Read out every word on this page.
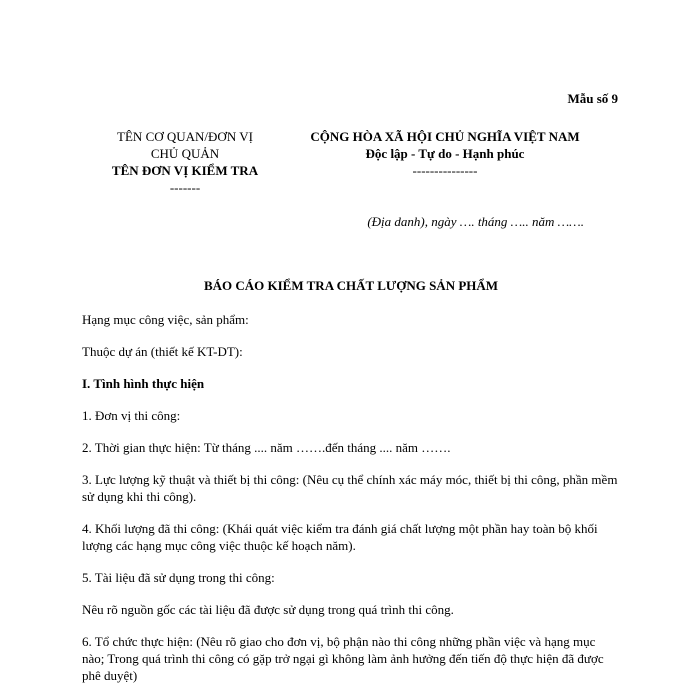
Mẫu số 9
TÊN CƠ QUAN/ĐƠN VỊ
CHỦ QUẢN
TÊN ĐƠN VỊ KIỂM TRA
-------
CỘNG HÒA XÃ HỘI CHỦ NGHĨA VIỆT NAM
Độc lập - Tự do - Hạnh phúc
---------------
(Địa danh), ngày …. tháng ….. năm …….
BÁO CÁO KIỂM TRA CHẤT LƯỢNG SẢN PHẨM

Hạng mục công việc, sản phẩm:

Thuộc dự án (thiết kế KT-DT):

I. Tình hình thực hiện

1. Đơn vị thi công:

2. Thời gian thực hiện: Từ tháng .... năm …….đến tháng .... năm …….

3. Lực lượng kỹ thuật và thiết bị thi công: (Nêu cụ thể chính xác máy móc, thiết bị thi công, phần mềm sử dụng khi thi công).

4. Khối lượng đã thi công: (Khái quát việc kiểm tra đánh giá chất lượng một phần hay toàn bộ khối lượng các hạng mục công việc thuộc kế hoạch năm).

5. Tài liệu đã sử dụng trong thi công:

Nêu rõ nguồn gốc các tài liệu đã được sử dụng trong quá trình thi công.

6. Tổ chức thực hiện: (Nêu rõ giao cho đơn vị, bộ phận nào thi công những phần việc và hạng mục nào; Trong quá trình thi công có gặp trở ngại gì không làm ảnh hưởng đến tiến độ thực hiện đã được phê duyệt)
